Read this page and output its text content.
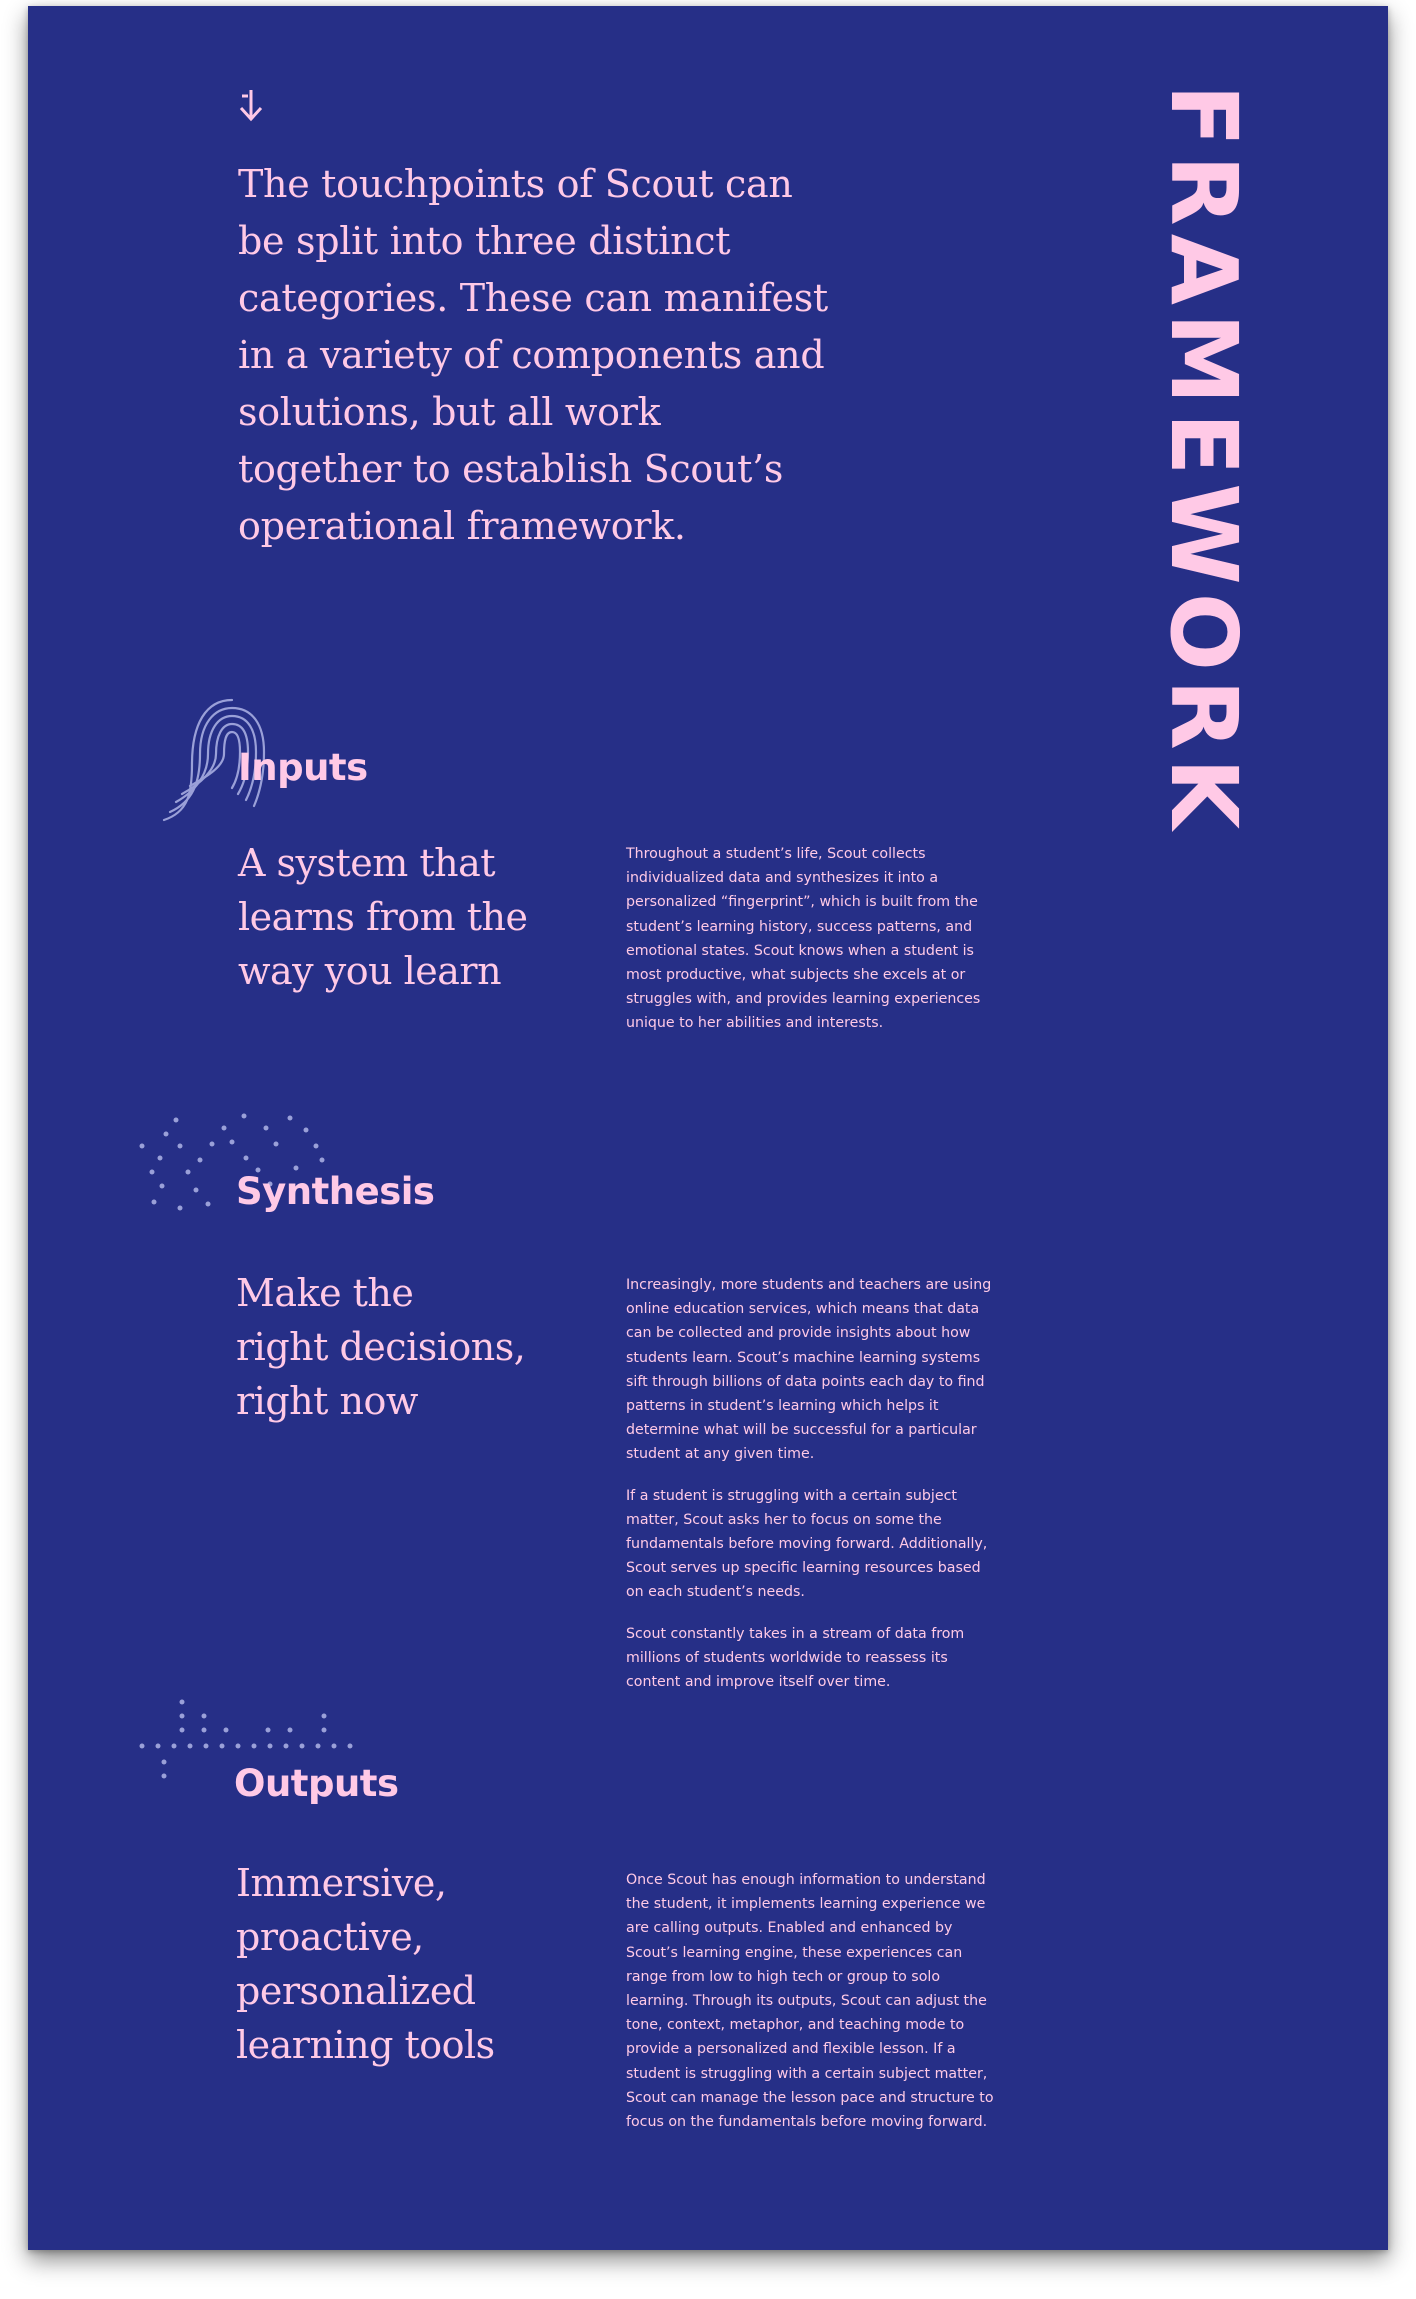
The touchpoints of Scout can
be split into three distinct
categories. These can manifest
in a variety of components and
solutions, but all work
together to establish Scout’s
operational framework.	FRAMEWORK
Inputs

A system that
learns from the
way you learn

Throughout a student’s life, Scout collects individualized data and synthesizes it into a personalized “fingerprint”, which is built from the student’s learning history, success patterns, and emotional states. Scout knows when a student is most productive, what subjects she excels at or struggles with, and provides learning experiences unique to her abilities and interests.

Synthesis

Make the
right decisions,
right now

Increasingly, more students and teachers are using online education services, which means that data can be collected and provide insights about how students learn. Scout’s machine learning systems sift through billions of data points each day to find patterns in student’s learning which helps it determine what will be successful for a particular student at any given time.

If a student is struggling with a certain subject matter, Scout asks her to focus on some the fundamentals before moving forward. Additionally, Scout serves up specific learning resources based on each student’s needs.

Scout constantly takes in a stream of data from millions of students worldwide to reassess its content and improve itself over time.

Outputs

Immersive,
proactive,
personalized
learning tools

Once Scout has enough information to understand the student, it implements learning experience we are calling outputs. Enabled and enhanced by Scout’s learning engine, these experiences can range from low to high tech or group to solo learning. Through its outputs, Scout can adjust the tone, context, metaphor, and teaching mode to provide a personalized and flexible lesson. If a student is struggling with a certain subject matter, Scout can manage the lesson pace and structure to focus on the fundamentals before moving forward.
